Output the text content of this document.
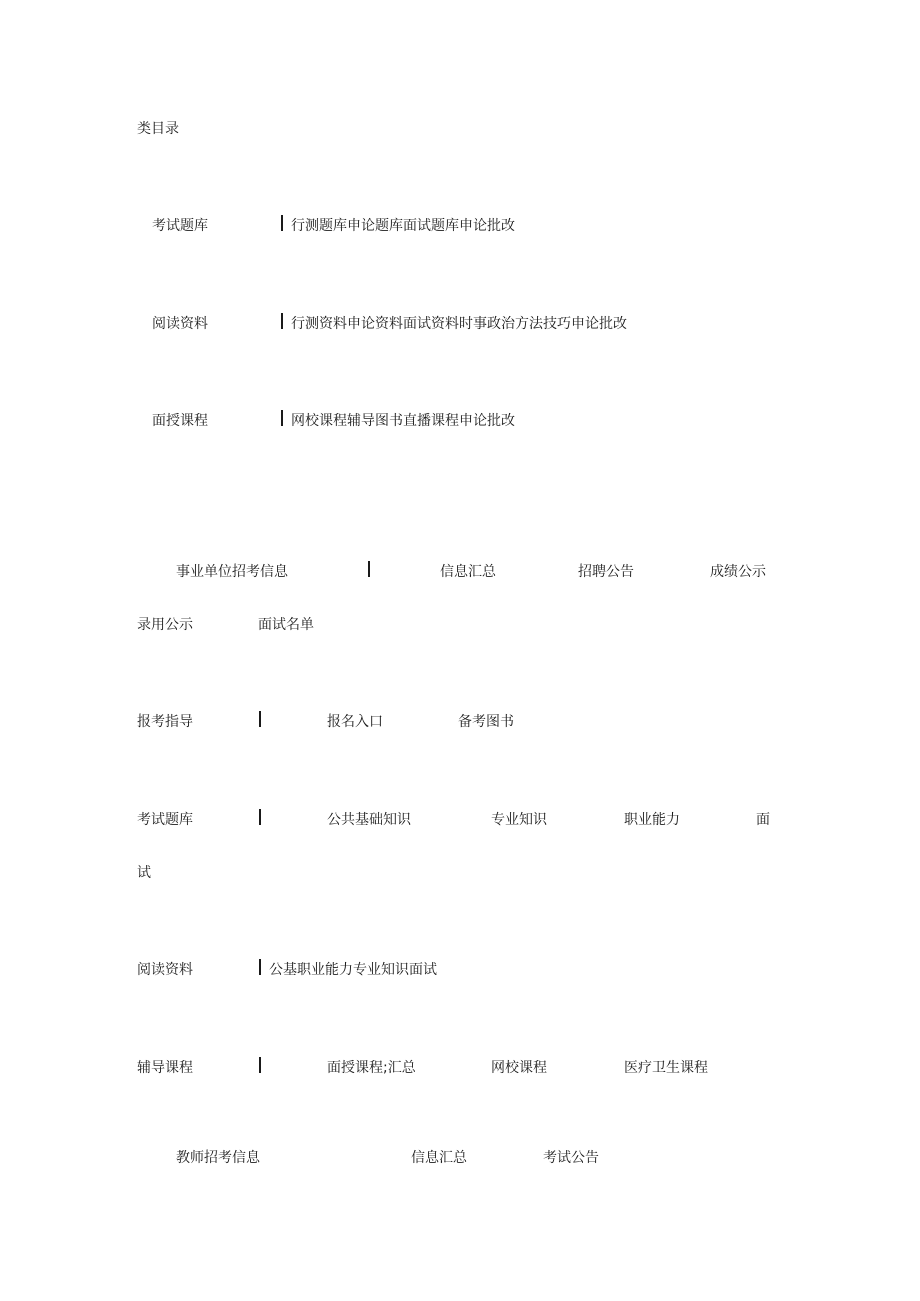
类目录
考试题库	行测题库申论题库面试题库申论批改
阅读资料	行测资料申论资料面试资料时事政治方法技巧申论批改
面授课程	网校课程辅导图书直播课程申论批改
事业单位招考信息	信息汇总	招聘公告	成绩公示
录用公示	面试名单
报考指导	报名入口	备考图书
考试题库	公共基础知识	专业知识	职业能力	面
试
阅读资料	公基职业能力专业知识面试
辅导课程	面授课程;汇总	网校课程	医疗卫生课程
教师招考信息	信息汇总	考试公告
